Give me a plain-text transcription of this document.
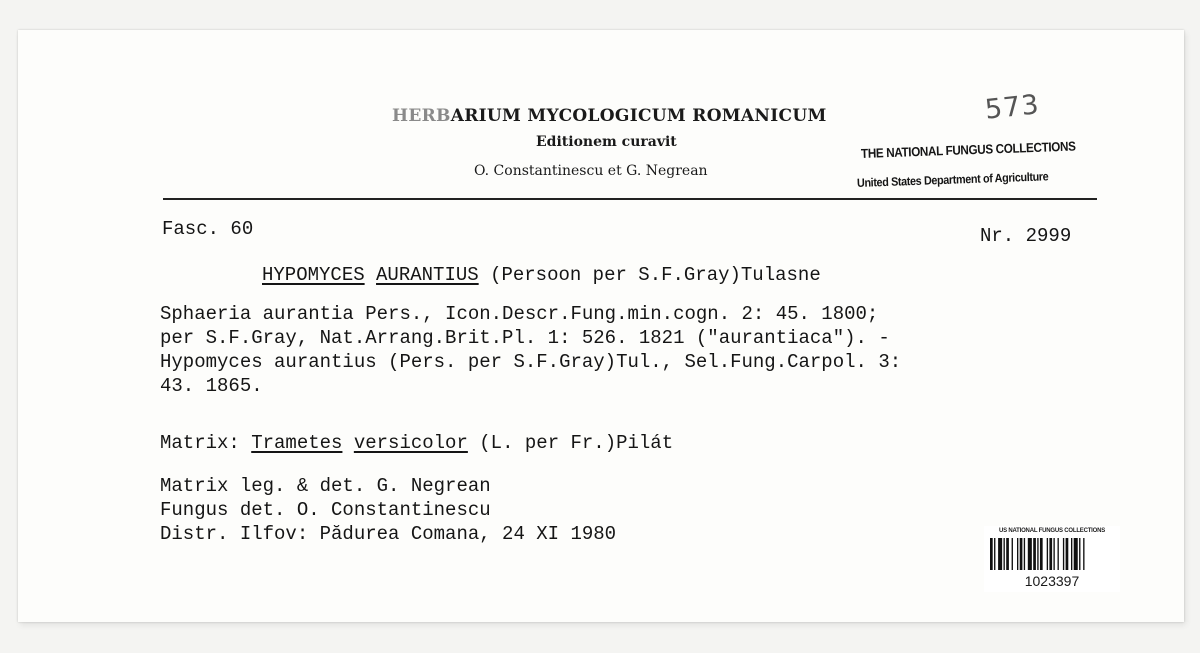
HERBARIUM MYCOLOGICUM ROMANICUM
Editionem curavit
O. Constantinescu et G. Negrean
573
THE NATIONAL FUNGUS COLLECTIONS
United States Department of Agriculture
Fasc. 60	Nr. 2999
HYPOMYCES AURANTIUS (Persoon per S.F.Gray)Tulasne
Sphaeria aurantia Pers., Icon.Descr.Fung.min.cogn. 2: 45. 1800;
per S.F.Gray, Nat.Arrang.Brit.Pl. 1: 526. 1821 ("aurantiaca"). -
Hypomyces aurantius (Pers. per S.F.Gray)Tul., Sel.Fung.Carpol. 3:
43. 1865.
Matrix: Trametes versicolor (L. per Fr.)Pilát
Matrix leg. & det. G. Negrean
Fungus det. O. Constantinescu
Distr. Ilfov: Pădurea Comana, 24 XI 1980	US NATIONAL FUNGUS COLLECTIONS
1023397
